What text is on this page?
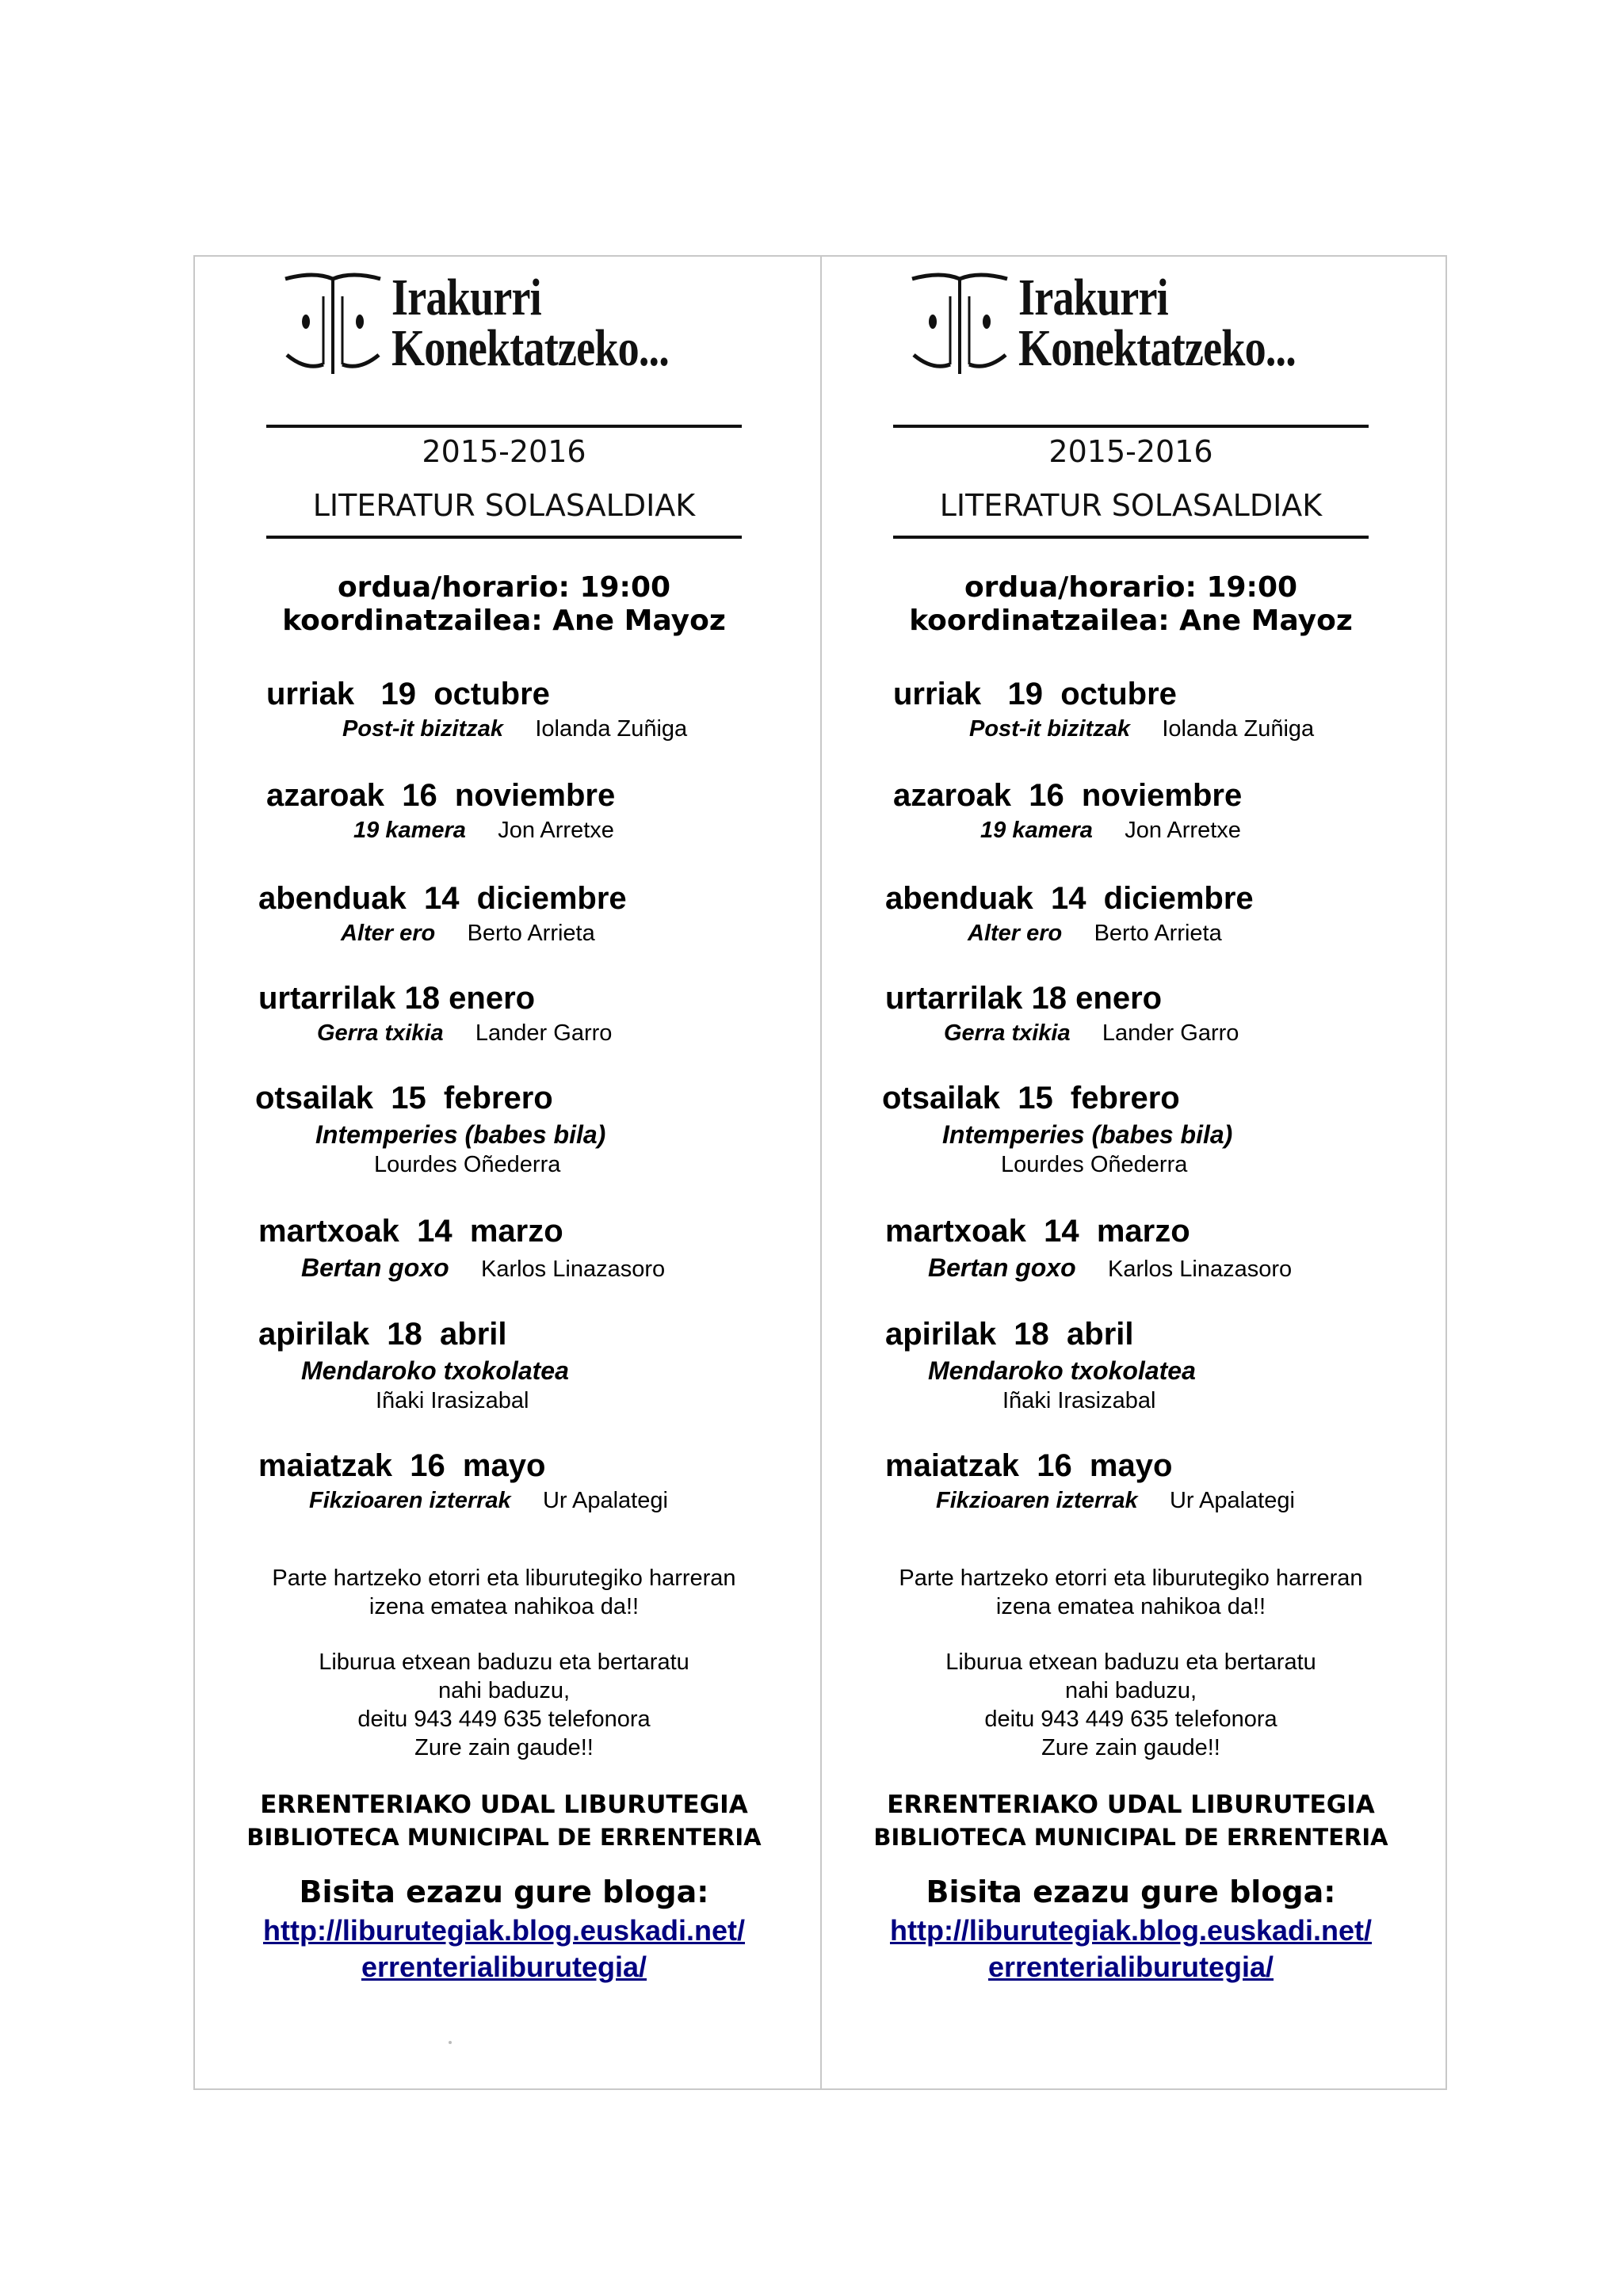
Irakurri
Konektatzeko...
2015-2016
LITERATUR SOLASALDIAK
ordua/horario: 19:00
koordinatzailea: Ane Mayoz
urriak   19  octubre
Post-it bizitzak Iolanda Zuñiga
azaroak  16  noviembre
19 kamera Jon Arretxe
abenduak  14  diciembre
Alter ero Berto Arrieta
urtarrilak 18 enero
Gerra txikia Lander Garro
otsailak  15  febrero
Intemperies (babes bila)
Lourdes Oñederra
martxoak  14  marzo
Bertan goxo Karlos Linazasoro
apirilak  18  abril
Mendaroko txokolatea
Iñaki Irasizabal
maiatzak  16  mayo
Fikzioaren izterrak Ur Apalategi
Parte hartzeko etorri eta liburutegiko harreran
izena ematea nahikoa da!!
Liburua etxean baduzu eta bertaratu
nahi baduzu,
deitu 943 449 635 telefonora
Zure zain gaude!!
ERRENTERIAKO UDAL LIBURUTEGIA
BIBLIOTECA MUNICIPAL DE ERRENTERIA
Bisita ezazu gure bloga:
http://liburutegiak.blog.euskadi.net/
errenterialiburutegia/
Irakurri
Konektatzeko...
2015-2016
LITERATUR SOLASALDIAK
ordua/horario: 19:00
koordinatzailea: Ane Mayoz
urriak   19  octubre
Post-it bizitzak Iolanda Zuñiga
azaroak  16  noviembre
19 kamera Jon Arretxe
abenduak  14  diciembre
Alter ero Berto Arrieta
urtarrilak 18 enero
Gerra txikia Lander Garro
otsailak  15  febrero
Intemperies (babes bila)
Lourdes Oñederra
martxoak  14  marzo
Bertan goxo Karlos Linazasoro
apirilak  18  abril
Mendaroko txokolatea
Iñaki Irasizabal
maiatzak  16  mayo
Fikzioaren izterrak Ur Apalategi
Parte hartzeko etorri eta liburutegiko harreran
izena ematea nahikoa da!!
Liburua etxean baduzu eta bertaratu
nahi baduzu,
deitu 943 449 635 telefonora
Zure zain gaude!!
ERRENTERIAKO UDAL LIBURUTEGIA
BIBLIOTECA MUNICIPAL DE ERRENTERIA
Bisita ezazu gure bloga:
http://liburutegiak.blog.euskadi.net/
errenterialiburutegia/
